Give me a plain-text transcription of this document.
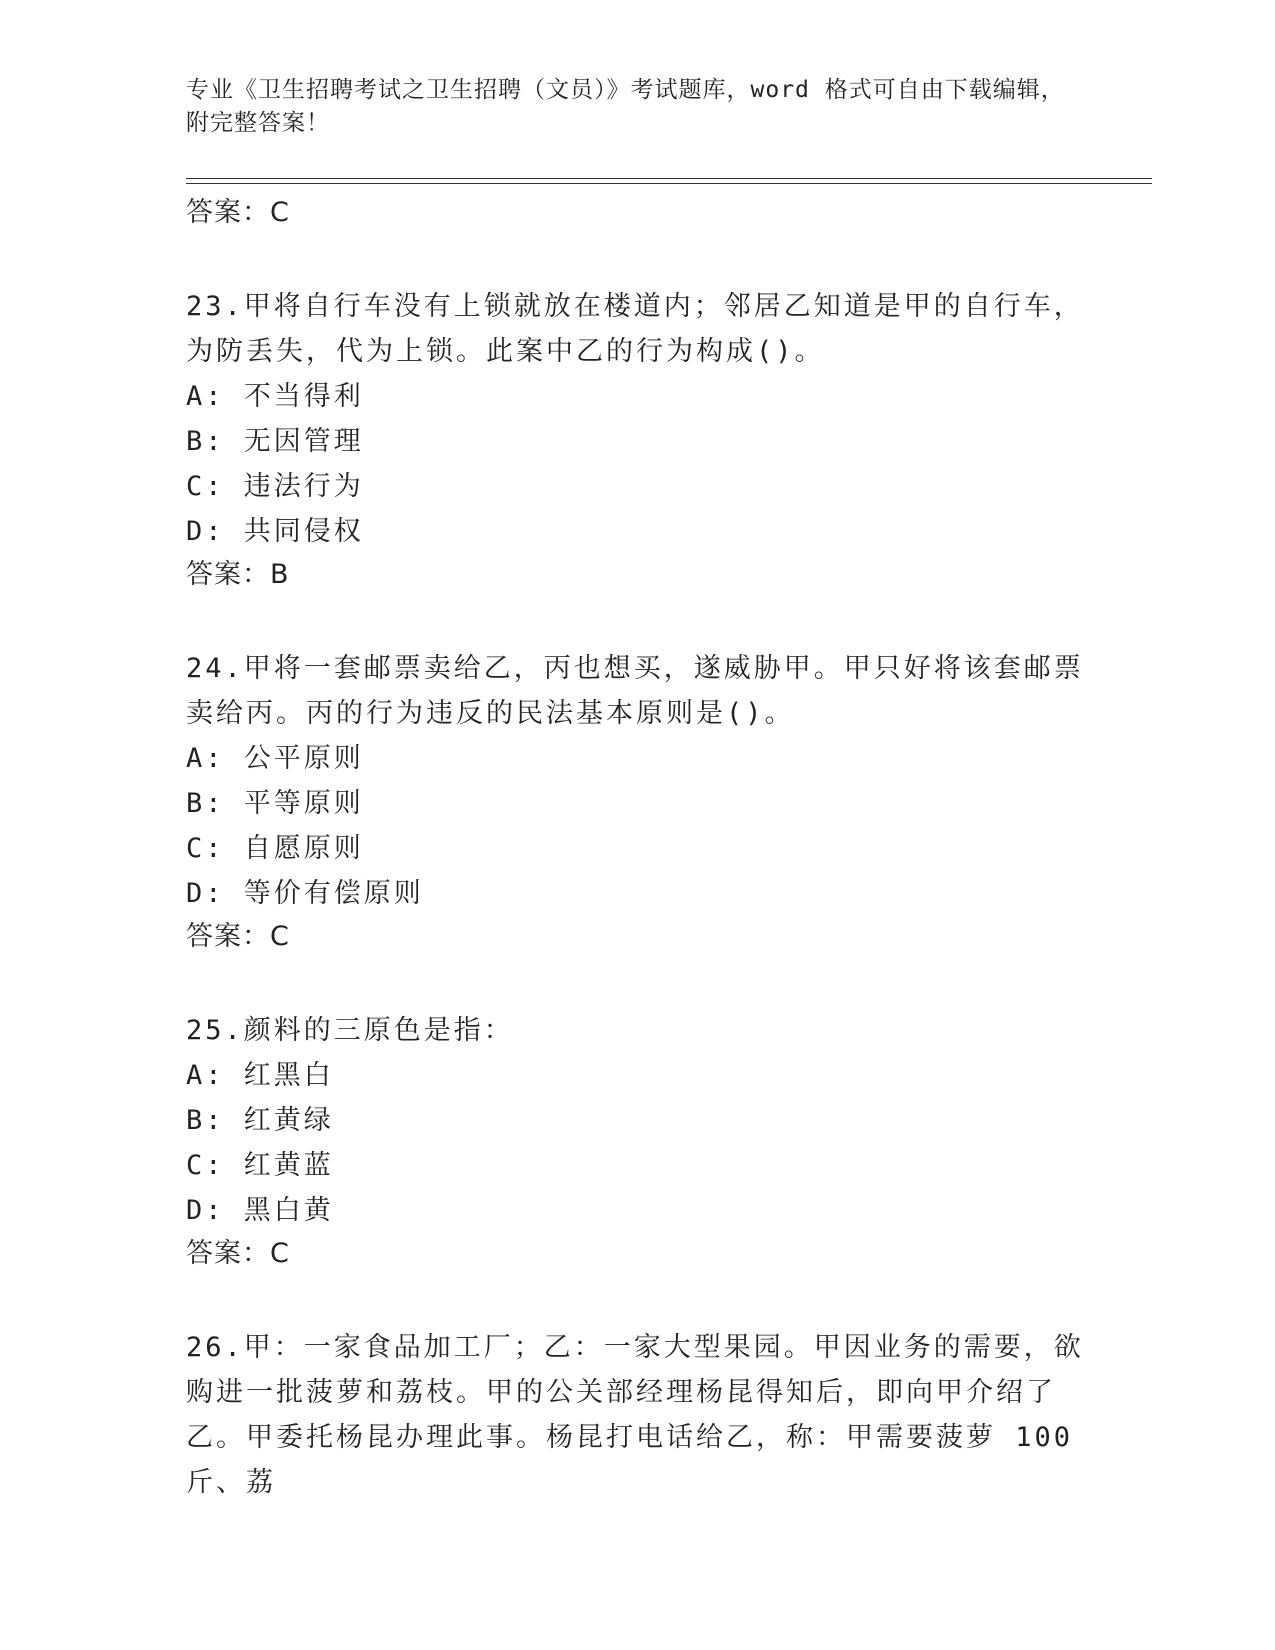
专业《卫生招聘考试之卫生招聘（文员）》考试题库，word 格式可自由下载编辑，附完整答案！
答案：C
23.甲将自行车没有上锁就放在楼道内；邻居乙知道是甲的自行车，为防丢失，代为上锁。此案中乙的行为构成()。
A: 不当得利
B: 无因管理
C: 违法行为
D: 共同侵权
答案：B
24.甲将一套邮票卖给乙，丙也想买，遂威胁甲。甲只好将该套邮票卖给丙。丙的行为违反的民法基本原则是()。
A: 公平原则
B: 平等原则
C: 自愿原则
D: 等价有偿原则
答案：C
25.颜料的三原色是指：
A: 红黑白
B: 红黄绿
C: 红黄蓝
D: 黑白黄
答案：C
26.甲：一家食品加工厂；乙：一家大型果园。甲因业务的需要，欲购进一批菠萝和荔枝。甲的公关部经理杨昆得知后，即向甲介绍了乙。甲委托杨昆办理此事。杨昆打电话给乙，称：甲需要菠萝 100 斤、荔
